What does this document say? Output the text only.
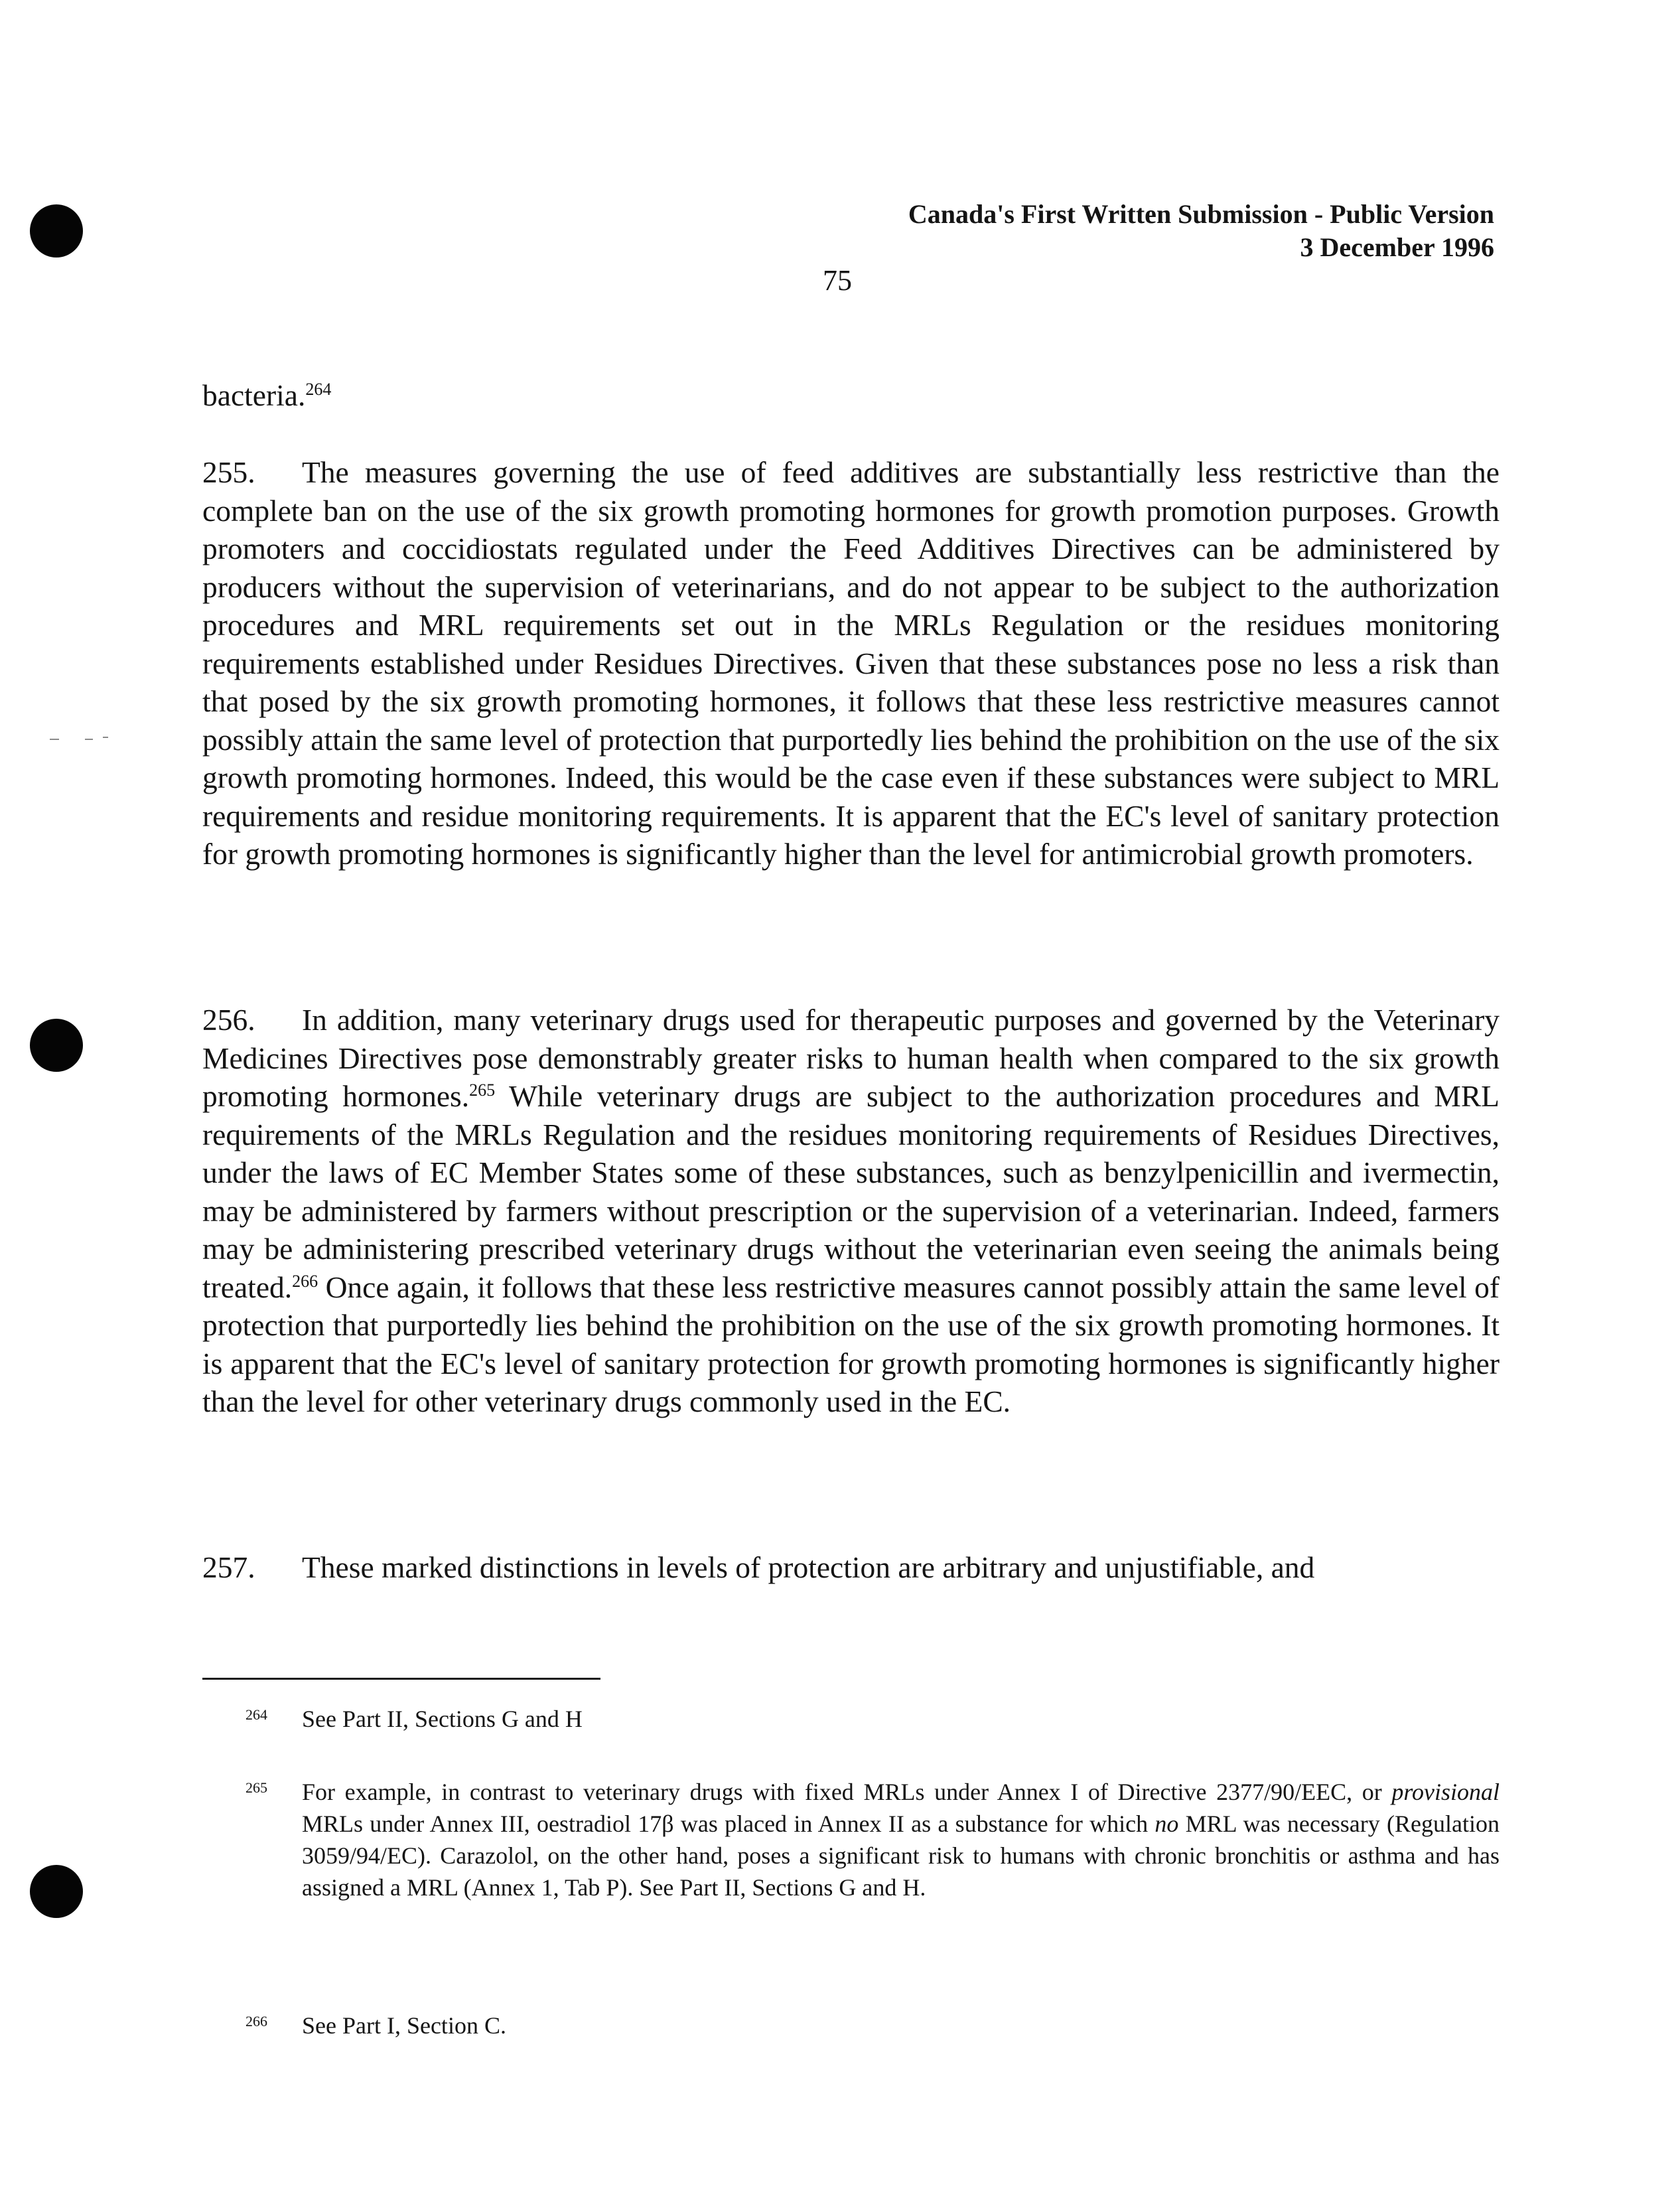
Canada's First Written Submission - Public Version
3 December 1996
75

bacteria.$^{264}$

255. The measures governing the use of feed additives are substantially less restrictive than the complete ban on the use of the six growth promoting hormones for growth promotion purposes. Growth promoters and coccidiostats regulated under the Feed Additives Directives can be administered by producers without the supervision of veterinarians, and do not appear to be subject to the authorization procedures and MRL requirements set out in the MRLs Regulation or the residues monitoring requirements established under Residues Directives. Given that these substances pose no less a risk than that posed by the six growth promoting hormones, it follows that these less restrictive measures cannot possibly attain the same level of protection that purportedly lies behind the prohibition on the use of the six growth promoting hormones. Indeed, this would be the case even if these substances were subject to MRL requirements and residue monitoring requirements. It is apparent that the EC's level of sanitary protection for growth promoting hormones is significantly higher than the level for antimicrobial growth promoters.

256. In addition, many veterinary drugs used for therapeutic purposes and governed by the Veterinary Medicines Directives pose demonstrably greater risks to human health when compared to the six growth promoting hormones.$^{265}$ While veterinary drugs are subject to the authorization procedures and MRL requirements of the MRLs Regulation and the residues monitoring requirements of Residues Directives, under the laws of EC Member States some of these substances, such as benzylpenicillin and ivermectin, may be administered by farmers without prescription or the supervision of a veterinarian. Indeed, farmers may be administering prescribed veterinary drugs without the veterinarian even seeing the animals being treated.$^{266}$ Once again, it follows that these less restrictive measures cannot possibly attain the same level of protection that purportedly lies behind the prohibition on the use of the six growth promoting hormones. It is apparent that the EC's level of sanitary protection for growth promoting hormones is significantly higher than the level for other veterinary drugs commonly used in the EC.

257. These marked distinctions in levels of protection are arbitrary and unjustifiable, and

264 See Part II, Sections G and H
265 For example, in contrast to veterinary drugs with fixed MRLs under Annex I of Directive 2377/90/EEC, or provisional MRLs under Annex III, oestradiol 17β was placed in Annex II as a substance for which no MRL was necessary (Regulation 3059/94/EC). Carazolol, on the other hand, poses a significant risk to humans with chronic bronchitis or asthma and has assigned a MRL (Annex 1, Tab P). See Part II, Sections G and H.
266 See Part I, Section C.
